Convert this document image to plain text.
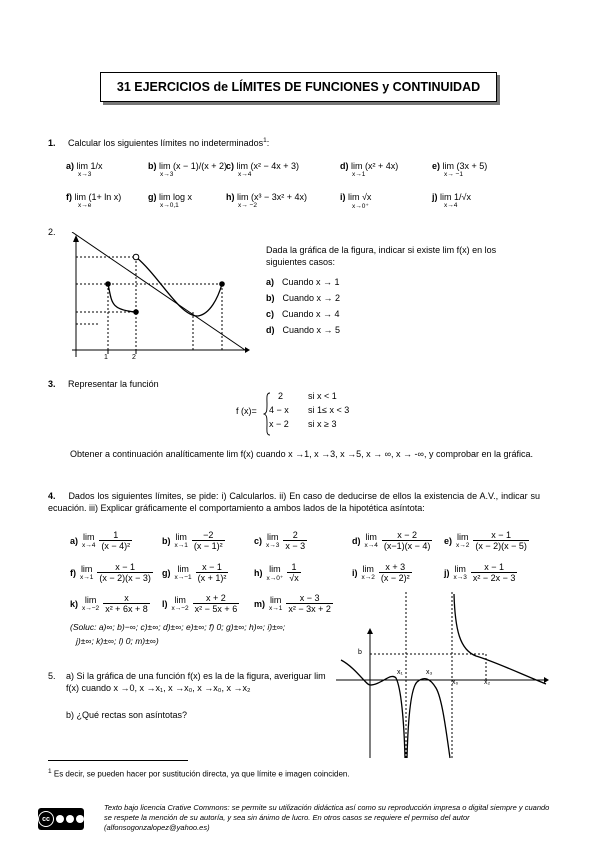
31 EJERCICIOS de LÍMITES DE FUNCIONES y CONTINUIDAD
1. Calcular los siguientes límites no indeterminados$^1$:
a) lim 1/x
x→3
b) lim (x − 1)/(x + 2)
x→3
c) lim (x² − 4x + 3)
x→4
d) lim (x² + 4x)
x→1
e) lim (3x + 5)
x→ −1
f) lim (1+ ln x)
x→e
g) lim log x
x→0,1
h) lim (x³ − 3x² + 4x)
x→ −2
i) lim √x
x→0⁺
j) lim 1/√x
x→4
2.
1	2
Dada la gráfica de la figura, indicar si existe lim f(x) en los siguientes casos:
a) Cuando x → 1
b) Cuando x → 2
c) Cuando x → 4
d) Cuando x → 5
3. Representar la función
f (x)=
2	si x < 1
4 − x si 1≤ x < 3
x − 2 si x ≥ 3
Obtener a continuación analíticamente lim f(x) cuando x →1, x →3, x →5, x → ∞, x → -∞, y comprobar en la gráfica.
4. Dados los siguientes límites, se pide: i) Calcularlos. ii) En caso de deducirse de ellos la existencia de A.V., indicar su ecuación. iii) Explicar gráficamente el comportamiento a ambos lados de la hipotética asíntota:
a) lim
$x\to 4 \frac{1}{\text{(x − 4)²}}$	b) lim
$x\to 1 \frac{-2}{\text{(x − 1)²}}$	c) lim
$x\to 3 \frac{2}{x - 3}$	d) lim
$x\to 4 \frac{x - 2}{(x-1)(x - 4)} e$) lim
$x\to 2 \frac{x - 1}{(x - 2)(x - 5)}$
f) lim
$x\to 1 \frac{x - 1}{(x - 2)(x - 3)} g$) lim
$x\to-1 \frac{x - 1}{\text{(x + 1)²}}$	h) lim
$x\to 0^+ \frac{1}{√x}$	i) lim
$x\to 2 \frac{x + 3}{\text{(x − 2)²}}$	j) lim
$x\to 3 \frac{x - 1}{\text{x² − 2x − 3}}$
k) lim
$x\to-2 \frac{x}{\text{x² + 6x + 8}} l$) lim
$x\to-2 \frac{x + 2}{\text{x² − 5x + 6}} m$) lim
$x\to 1 \frac{x - 3}{\text{x² − 3x + 2}}$
(Soluc: a)∞; b)−∞; c)±∞; d)±∞; e)±∞; f) 0; g)±∞; h)∞; i)±∞;
j)±∞; k)±∞; l) 0; m)±∞)
5. a) Si la gráfica de una función f(x) es la de la figura, averiguar lim f(x) cuando x →0, x →x₁, x →x₀, x →x₀, x →x₂
b) ¿Qué rectas son asíntotas?
b
x₁	x₃
x₀	x₂
$^1$ Es decir, se pueden hacer por sustitución directa, ya que límite e imagen coinciden.
cc
Texto bajo licencia Crative Commons: se permite su utilización didáctica así como su reproducción impresa o digital siempre y cuando se respete la mención de su autoría, y sea sin ánimo de lucro. En otros casos se requiere el permiso del autor (alfonsogonzalopez@yahoo.es)
